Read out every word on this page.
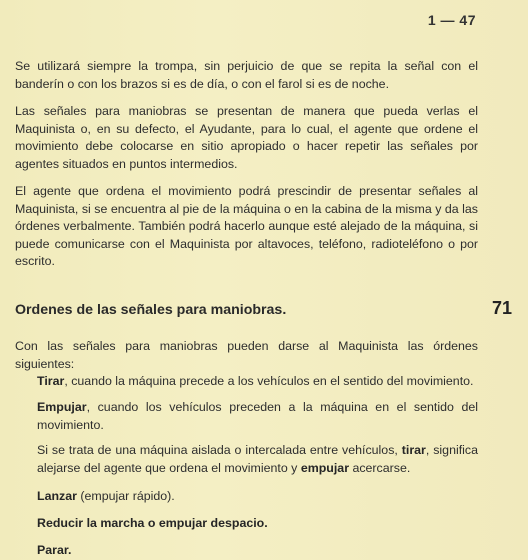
1 — 47

Se utilizará siempre la trompa, sin perjuicio de que se repita la señal con el banderín o con los brazos si es de día, o con el farol si es de noche.

Las señales para maniobras se presentan de manera que pueda verlas el Maquinista o, en su defecto, el Ayudante, para lo cual, el agente que ordene el movimiento debe colocarse en sitio apropiado o hacer repetir las señales por agentes situados en puntos intermedios.

El agente que ordena el movimiento podrá prescindir de presentar señales al Maquinista, si se encuentra al pie de la máquina o en la cabina de la misma y da las órdenes verbalmente. También podrá hacerlo aunque esté alejado de la máquina, si puede comunicarse con el Maquinista por altavoces, teléfono, radioteléfono o por escrito.

Ordenes de las señales para maniobras.	71

Con las señales para maniobras pueden darse al Maquinista las órdenes siguientes:

Tirar, cuando la máquina precede a los vehículos en el sentido del movimiento.

Empujar, cuando los vehículos preceden a la máquina en el sentido del movimiento.

Si se trata de una máquina aislada o intercalada entre vehículos, tirar, significa alejarse del agente que ordena el movimiento y empujar acercarse.

Lanzar (empujar rápido).

Reducir la marcha o empujar despacio.

Parar.
